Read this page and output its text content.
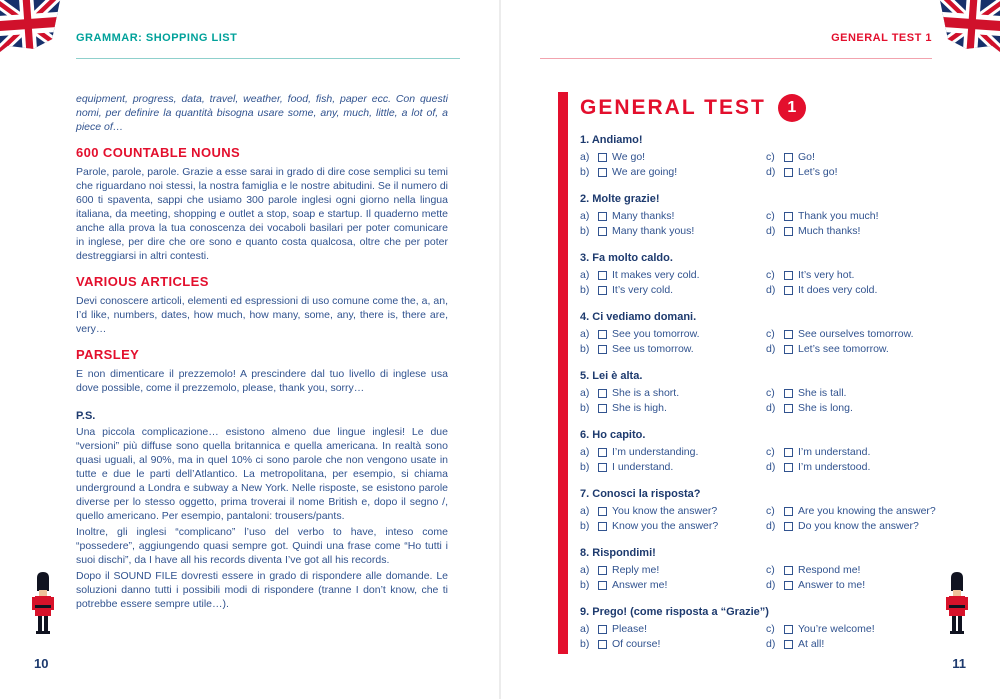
GRAMMAR: SHOPPING LIST	GENERAL TEST 1

equipment, progress, data, travel, weather, food, fish, paper ecc. Con questi nomi, per definire la quantità bisogna usare some, any, much, little, a lot of, a piece of…

600 COUNTABLE NOUNS

Parole, parole, parole. Grazie a esse sarai in grado di dire cose semplici su temi che riguardano noi stessi, la nostra famiglia e le nostre abitudini. Se il numero di 600 ti spaventa, sappi che usiamo 300 parole inglesi ogni giorno nella lingua italiana, da meeting, shopping e outlet a stop, soap e startup. Il quaderno mette anche alla prova la tua conoscenza dei vocaboli basilari per poter comunicare in inglese, per dire che ore sono e quanto costa qualcosa, oltre che per poter destreggiarsi in altri contesti.

VARIOUS ARTICLES

Devi conoscere articoli, elementi ed espressioni di uso comune come the, a, an, I’d like, numbers, dates, how much, how many, some, any, there is, there are, very…

PARSLEY

E non dimenticare il prezzemolo! A prescindere dal tuo livello di inglese usa dove possible, come il prezzemolo, please, thank you, sorry…

P.S.

Una piccola complicazione… esistono almeno due lingue inglesi! Le due “versioni” più diffuse sono quella britannica e quella americana. In realtà sono quasi uguali, al 90%, ma in quel 10% ci sono parole che non vengono usate in tutte e due le parti dell’Atlantico. La metropolitana, per esempio, si chiama underground a Londra e subway a New York. Nelle risposte, se esistono parole diverse per lo stesso oggetto, prima troverai il nome British e, dopo il segno /, quello americano. Per esempio, pantaloni: trousers/pants.

Inoltre, gli inglesi “complicano” l’uso del verbo to have, inteso come “possedere”, aggiungendo quasi sempre got. Quindi una frase come “Ho tutti i suoi dischi”, da I have all his records diventa I’ve got all his records.

Dopo il SOUND FILE dovresti essere in grado di rispondere alle domande. Le soluzioni danno tutti i possibili modi di rispondere (tranne I don’t know, che ti potrebbe essere sempre utile…).

GENERAL TEST	1
1. Andiamo!
a)	We go!
b)	We are going!
c)	Go!
d)	Let’s go!
2. Molte grazie!
a)	Many thanks!
b)	Many thank yous!
c)	Thank you much!
d)	Much thanks!
3. Fa molto caldo.
a)	It makes very cold.
b)	It’s very cold.
c)	It’s very hot.
d)	It does very cold.
4. Ci vediamo domani.
a)	See you tomorrow.
b)	See us tomorrow.
c)	See ourselves tomorrow.
d)	Let’s see tomorrow.
5. Lei è alta.
a)	She is a short.
b)	She is high.
c)	She is tall.
d)	She is long.
6. Ho capito.
a)	I’m understanding.
b)	I understand.
c)	I’m understand.
d)	I’m understood.
7. Conosci la risposta?
a)	You know the answer?
b)	Know you the answer?
c)	Are you knowing the answer?
d)	Do you know the answer?
8. Rispondimi!
a)	Reply me!
b)	Answer me!
c)	Respond me!
d)	Answer to me!
9. Prego! (come risposta a “Grazie”)
a)	Please!
b)	Of course!
c)	You’re welcome!
d)	At all!
10	11
